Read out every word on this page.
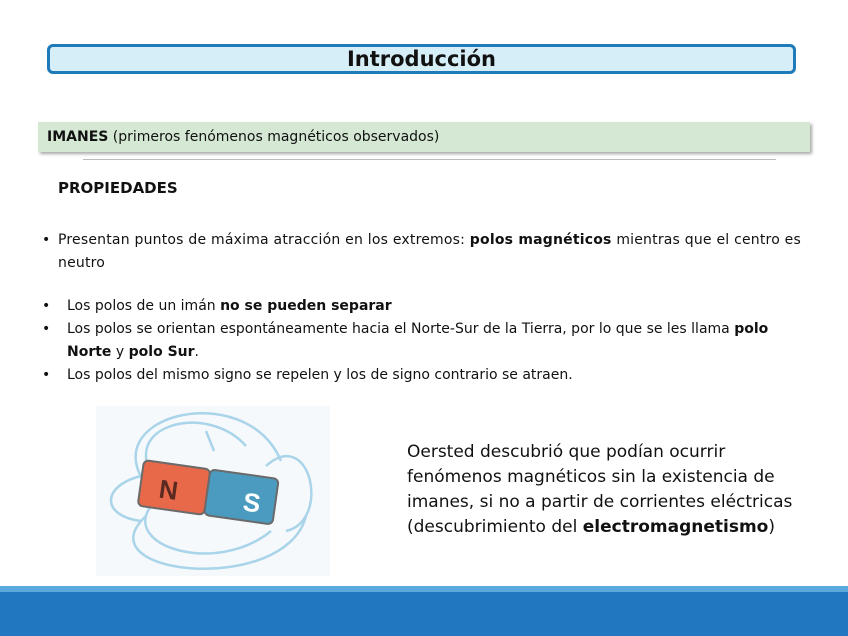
Introducción
IMANES (primeros fenómenos magnéticos observados)
PROPIEDADES
• Presentan puntos de máxima atracción en los extremos: polos magnéticos mientras que el centro es neutro
• Los polos de un imán no se pueden separar
• Los polos se orientan espontáneamente hacia el Norte-Sur de la Tierra, por lo que se les llama polo Norte y polo Sur.
• Los polos del mismo signo se repelen y los de signo contrario se atraen.
N S
Oersted descubrió que podían ocurrir fenómenos magnéticos sin la existencia de imanes, si no a partir de corrientes eléctricas (descubrimiento del electromagnetismo)
